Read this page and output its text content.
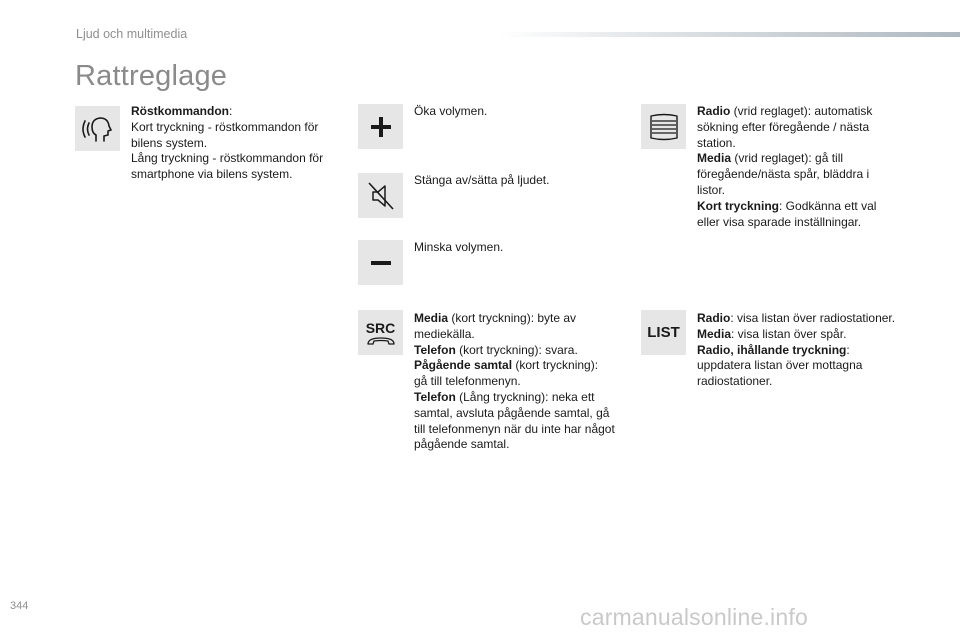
Ljud och multimedia
Rattreglage
Röstkommandon:
Kort tryckning - röstkommandon för
bilens system.
Lång tryckning - röstkommandon för
smartphone via bilens system.
Öka volymen.
Stänga av/sätta på ljudet.
Minska volymen.
SRC
Media (kort tryckning): byte av
mediekälla.
Telefon (kort tryckning): svara.
Pågående samtal (kort tryckning):
gå till telefonmenyn.
Telefon (Lång tryckning): neka ett
samtal, avsluta pågående samtal, gå
till telefonmenyn när du inte har något
pågående samtal.
Radio (vrid reglaget): automatisk
sökning efter föregående / nästa
station.
Media (vrid reglaget): gå till
föregående/nästa spår, bläddra i
listor.
Kort tryckning: Godkänna ett val
eller visa sparade inställningar.
LIST
Radio: visa listan över radiostationer.
Media: visa listan över spår.
Radio, ihållande tryckning:
uppdatera listan över mottagna
radiostationer.
344	carmanualsonline.info
